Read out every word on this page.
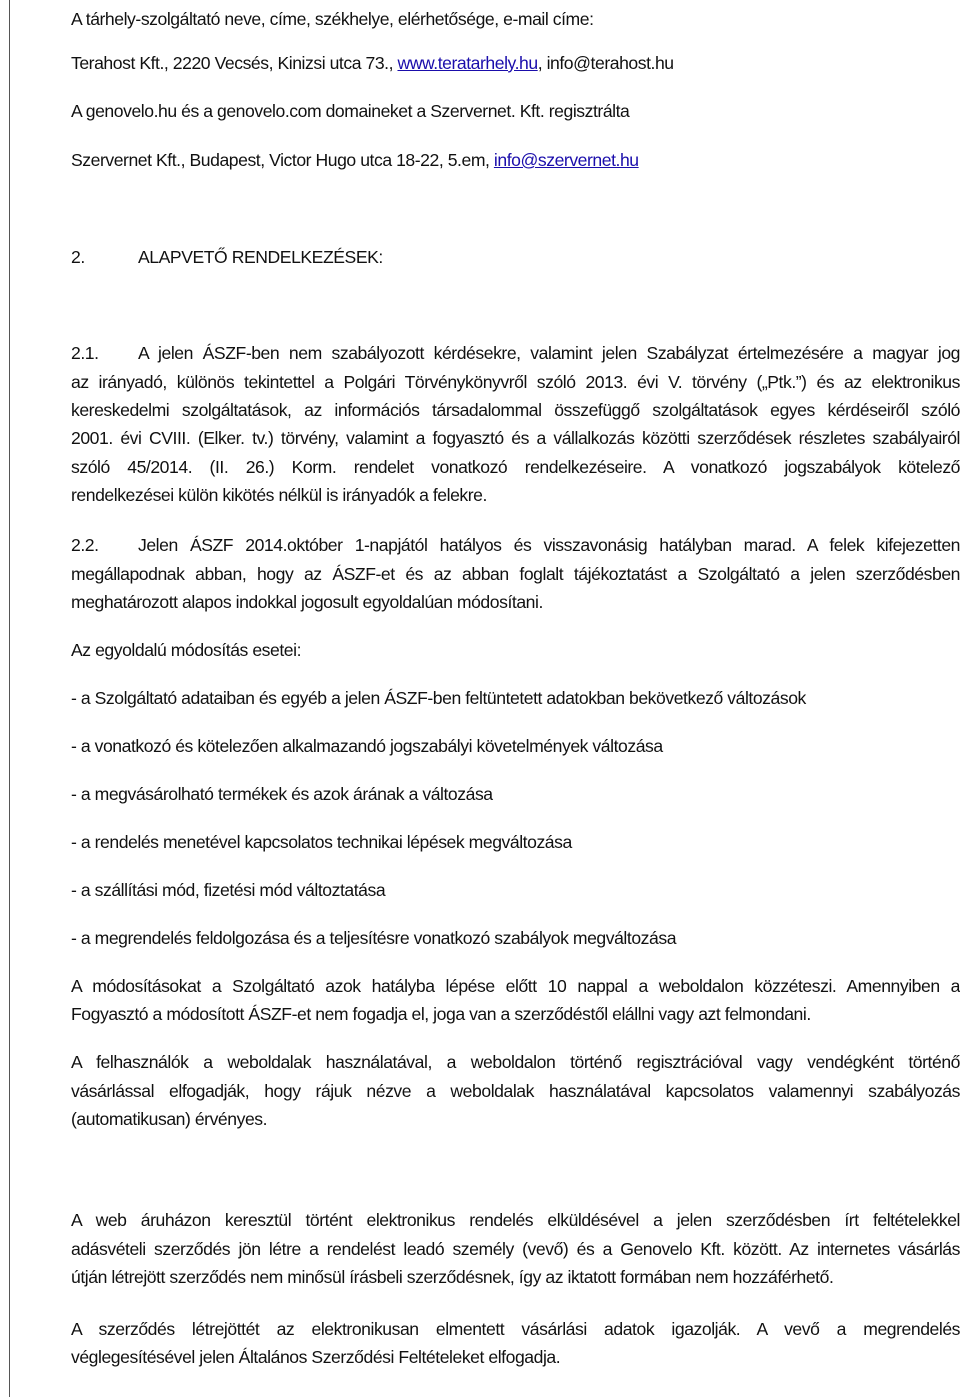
A tárhely-szolgáltató neve, címe, székhelye, elérhetősége, e-mail címe:
Terahost Kft., 2220 Vecsés, Kinizsi utca 73., www.teratarhely.hu, info@terahost.hu
A genovelo.hu és a genovelo.com domaineket a Szervernet. Kft. regisztrálta
Szervernet Kft., Budapest, Victor Hugo utca 18-22, 5.em, info@szervernet.hu
2.	ALAPVETŐ RENDELKEZÉSEK:
2.1. A jelen ÁSZF-ben nem szabályozott kérdésekre, valamint jelen Szabályzat értelmezésére a magyar jog
az irányadó, különös tekintettel a Polgári Törvénykönyvről szóló 2013. évi V. törvény („Ptk.”) és az elektronikus
kereskedelmi szolgáltatások, az információs társadalommal összefüggő szolgáltatások egyes kérdéseiről szóló
2001. évi CVIII. (Elker. tv.) törvény, valamint a fogyasztó és a vállalkozás közötti szerződések részletes szabályairól
szóló 45/2014. (II. 26.) Korm. rendelet vonatkozó rendelkezéseire. A vonatkozó jogszabályok kötelező
rendelkezései külön kikötés nélkül is irányadók a felekre.
2.2. Jelen ÁSZF 2014.október 1-napjától hatályos és visszavonásig hatályban marad. A felek kifejezetten
megállapodnak abban, hogy az ÁSZF-et és az abban foglalt tájékoztatást a Szolgáltató a jelen szerződésben
meghatározott alapos indokkal jogosult egyoldalúan módosítani.
Az egyoldalú módosítás esetei:
- a Szolgáltató adataiban és egyéb a jelen ÁSZF-ben feltüntetett adatokban bekövetkező változások
- a vonatkozó és kötelezően alkalmazandó jogszabályi követelmények változása
- a megvásárolható termékek és azok árának a változása
- a rendelés menetével kapcsolatos technikai lépések megváltozása
- a szállítási mód, fizetési mód változtatása
- a megrendelés feldolgozása és a teljesítésre vonatkozó szabályok megváltozása
A módosításokat a Szolgáltató azok hatályba lépése előtt 10 nappal a weboldalon közzéteszi. Amennyiben a
Fogyasztó a módosított ÁSZF-et nem fogadja el, joga van a szerződéstől elállni vagy azt felmondani.
A felhasználók a weboldalak használatával, a weboldalon történő regisztrációval vagy vendégként történő
vásárlással elfogadják, hogy rájuk nézve a weboldalak használatával kapcsolatos valamennyi szabályozás
(automatikusan) érvényes.
A web áruházon keresztül történt elektronikus rendelés elküldésével a jelen szerződésben írt feltételekkel
adásvételi szerződés jön létre a rendelést leadó személy (vevő) és a Genovelo Kft. között. Az internetes vásárlás
útján létrejött szerződés nem minősül írásbeli szerződésnek, így az iktatott formában nem hozzáférhető.
A szerződés létrejöttét az elektronikusan elmentett vásárlási adatok igazolják. A vevő a megrendelés
véglegesítésével jelen Általános Szerződési Feltételeket elfogadja.
